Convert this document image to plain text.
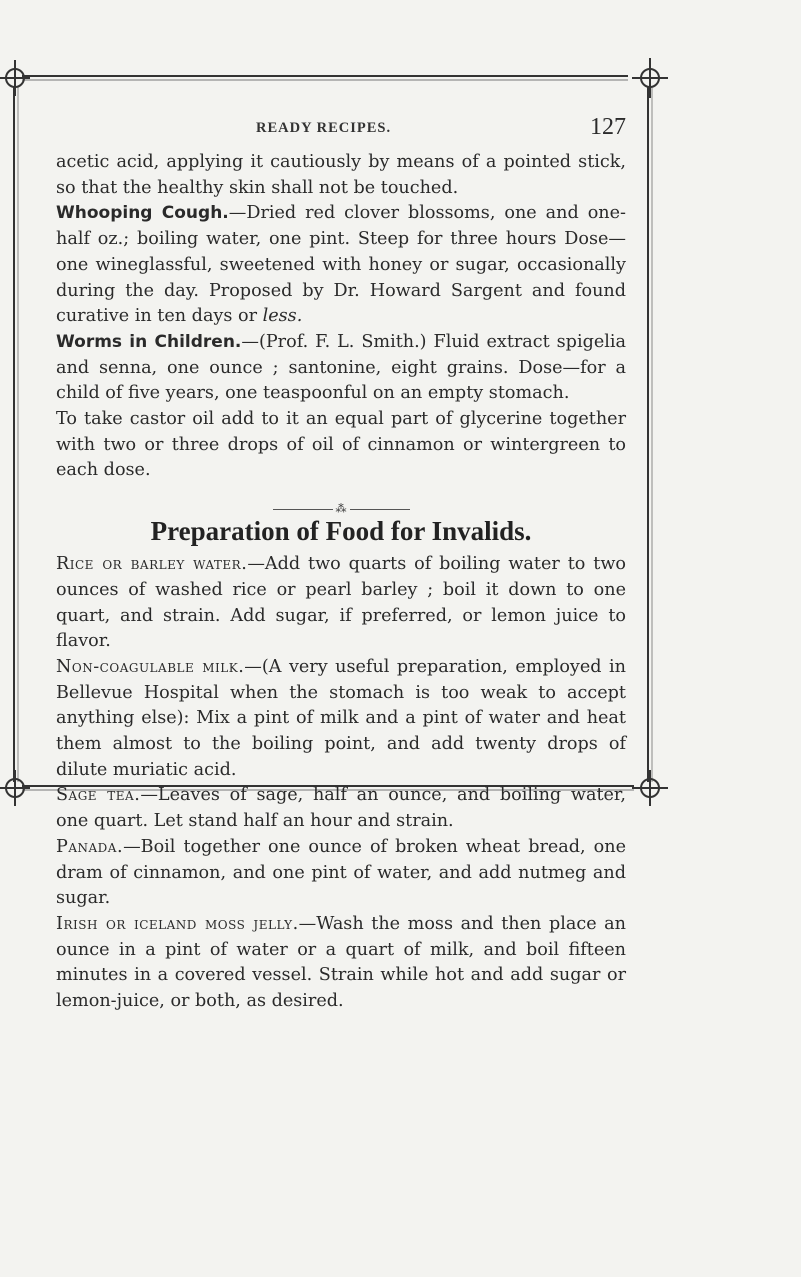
READY RECIPES.	127

acetic acid, applying it cautiously by means of a pointed stick, so that the healthy skin shall not be touched.

Whooping Cough.—Dried red clover blossoms, one and one-half oz.; boiling water, one pint. Steep for three hours Dose—one wineglassful, sweetened with honey or sugar, occasionally during the day. Proposed by Dr. Howard Sargent and found curative in ten days or less.

Worms in Children.—(Prof. F. L. Smith.) Fluid extract spigelia and senna, one ounce ; santonine, eight grains. Dose—for a child of five years, one teaspoonful on an empty stomach.

To take castor oil add to it an equal part of glycerine together with two or three drops of oil of cinnamon or wintergreen to each dose.

⁂
Preparation of Food for Invalids.

Rice or barley water.—Add two quarts of boiling water to two ounces of washed rice or pearl barley ; boil it down to one quart, and strain. Add sugar, if preferred, or lemon juice to flavor.

Non-coagulable milk.—(A very useful preparation, employed in Bellevue Hospital when the stomach is too weak to accept anything else): Mix a pint of milk and a pint of water and heat them almost to the boiling point, and add twenty drops of dilute muriatic acid.

Sage tea.—Leaves of sage, half an ounce, and boiling water, one quart. Let stand half an hour and strain.

Panada.—Boil together one ounce of broken wheat bread, one dram of cinnamon, and one pint of water, and add nutmeg and sugar.

Irish or iceland moss jelly.—Wash the moss and then place an ounce in a pint of water or a quart of milk, and boil fifteen minutes in a covered vessel. Strain while hot and add sugar or lemon-juice, or both, as desired.
